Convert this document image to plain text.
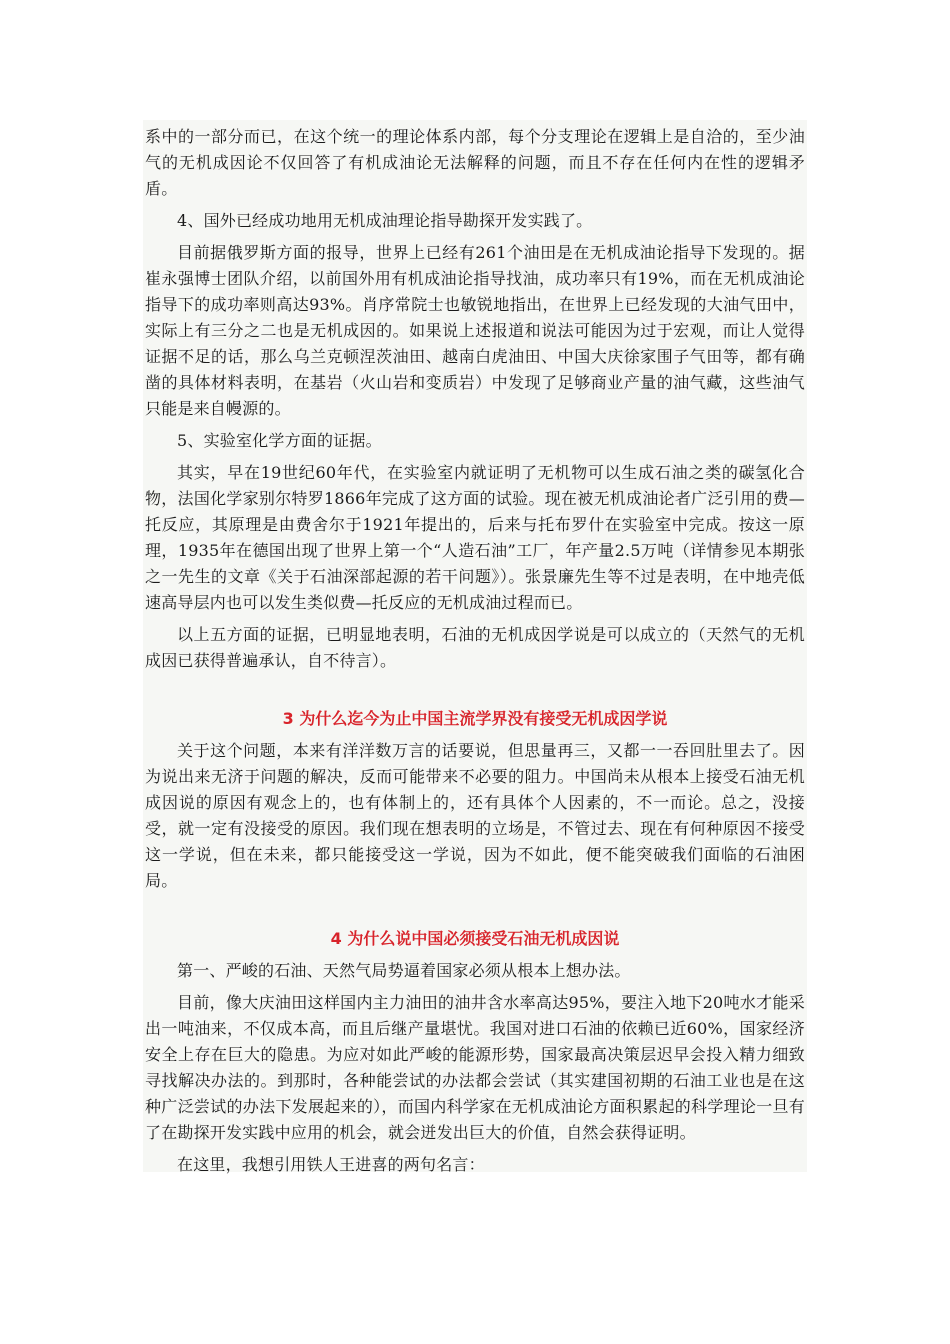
系中的一部分而已，在这个统一的理论体系内部，每个分支理论在逻辑上是自洽的，至少油气的无机成因论不仅回答了有机成油论无法解释的问题，而且不存在任何内在性的逻辑矛盾。

4、国外已经成功地用无机成油理论指导勘探开发实践了。

目前据俄罗斯方面的报导，世界上已经有261个油田是在无机成油论指导下发现的。据崔永强博士团队介绍，以前国外用有机成油论指导找油，成功率只有19%，而在无机成油论指导下的成功率则高达93%。肖序常院士也敏锐地指出，在世界上已经发现的大油气田中，实际上有三分之二也是无机成因的。如果说上述报道和说法可能因为过于宏观，而让人觉得证据不足的话，那么乌兰克顿涅茨油田、越南白虎油田、中国大庆徐家围子气田等，都有确凿的具体材料表明，在基岩（火山岩和变质岩）中发现了足够商业产量的油气藏，这些油气只能是来自幔源的。

5、实验室化学方面的证据。

其实，早在19世纪60年代，在实验室内就证明了无机物可以生成石油之类的碳氢化合物，法国化学家别尔特罗1866年完成了这方面的试验。现在被无机成油论者广泛引用的费—托反应，其原理是由费舍尔于1921年提出的，后来与托布罗什在实验室中完成。按这一原理，1935年在德国出现了世界上第一个“人造石油”工厂，年产量2.5万吨（详情参见本期张之一先生的文章《关于石油深部起源的若干问题》）。张景廉先生等不过是表明，在中地壳低速高导层内也可以发生类似费—托反应的无机成油过程而已。

以上五方面的证据，已明显地表明，石油的无机成因学说是可以成立的（天然气的无机成因已获得普遍承认，自不待言）。

3 为什么迄今为止中国主流学界没有接受无机成因学说

关于这个问题，本来有洋洋数万言的话要说，但思量再三，又都一一吞回肚里去了。因为说出来无济于问题的解决，反而可能带来不必要的阻力。中国尚未从根本上接受石油无机成因说的原因有观念上的，也有体制上的，还有具体个人因素的，不一而论。总之，没接受，就一定有没接受的原因。我们现在想表明的立场是，不管过去、现在有何种原因不接受这一学说，但在未来，都只能接受这一学说，因为不如此，便不能突破我们面临的石油困局。

4 为什么说中国必须接受石油无机成因说

第一、严峻的石油、天然气局势逼着国家必须从根本上想办法。

目前，像大庆油田这样国内主力油田的油井含水率高达95%，要注入地下20吨水才能采出一吨油来，不仅成本高，而且后继产量堪忧。我国对进口石油的依赖已近60%，国家经济安全上存在巨大的隐患。为应对如此严峻的能源形势，国家最高决策层迟早会投入精力细致寻找解决办法的。到那时，各种能尝试的办法都会尝试（其实建国初期的石油工业也是在这种广泛尝试的办法下发展起来的），而国内科学家在无机成油论方面积累起的科学理论一旦有了在勘探开发实践中应用的机会，就会迸发出巨大的价值，自然会获得证明。

在这里，我想引用铁人王进喜的两句名言：
